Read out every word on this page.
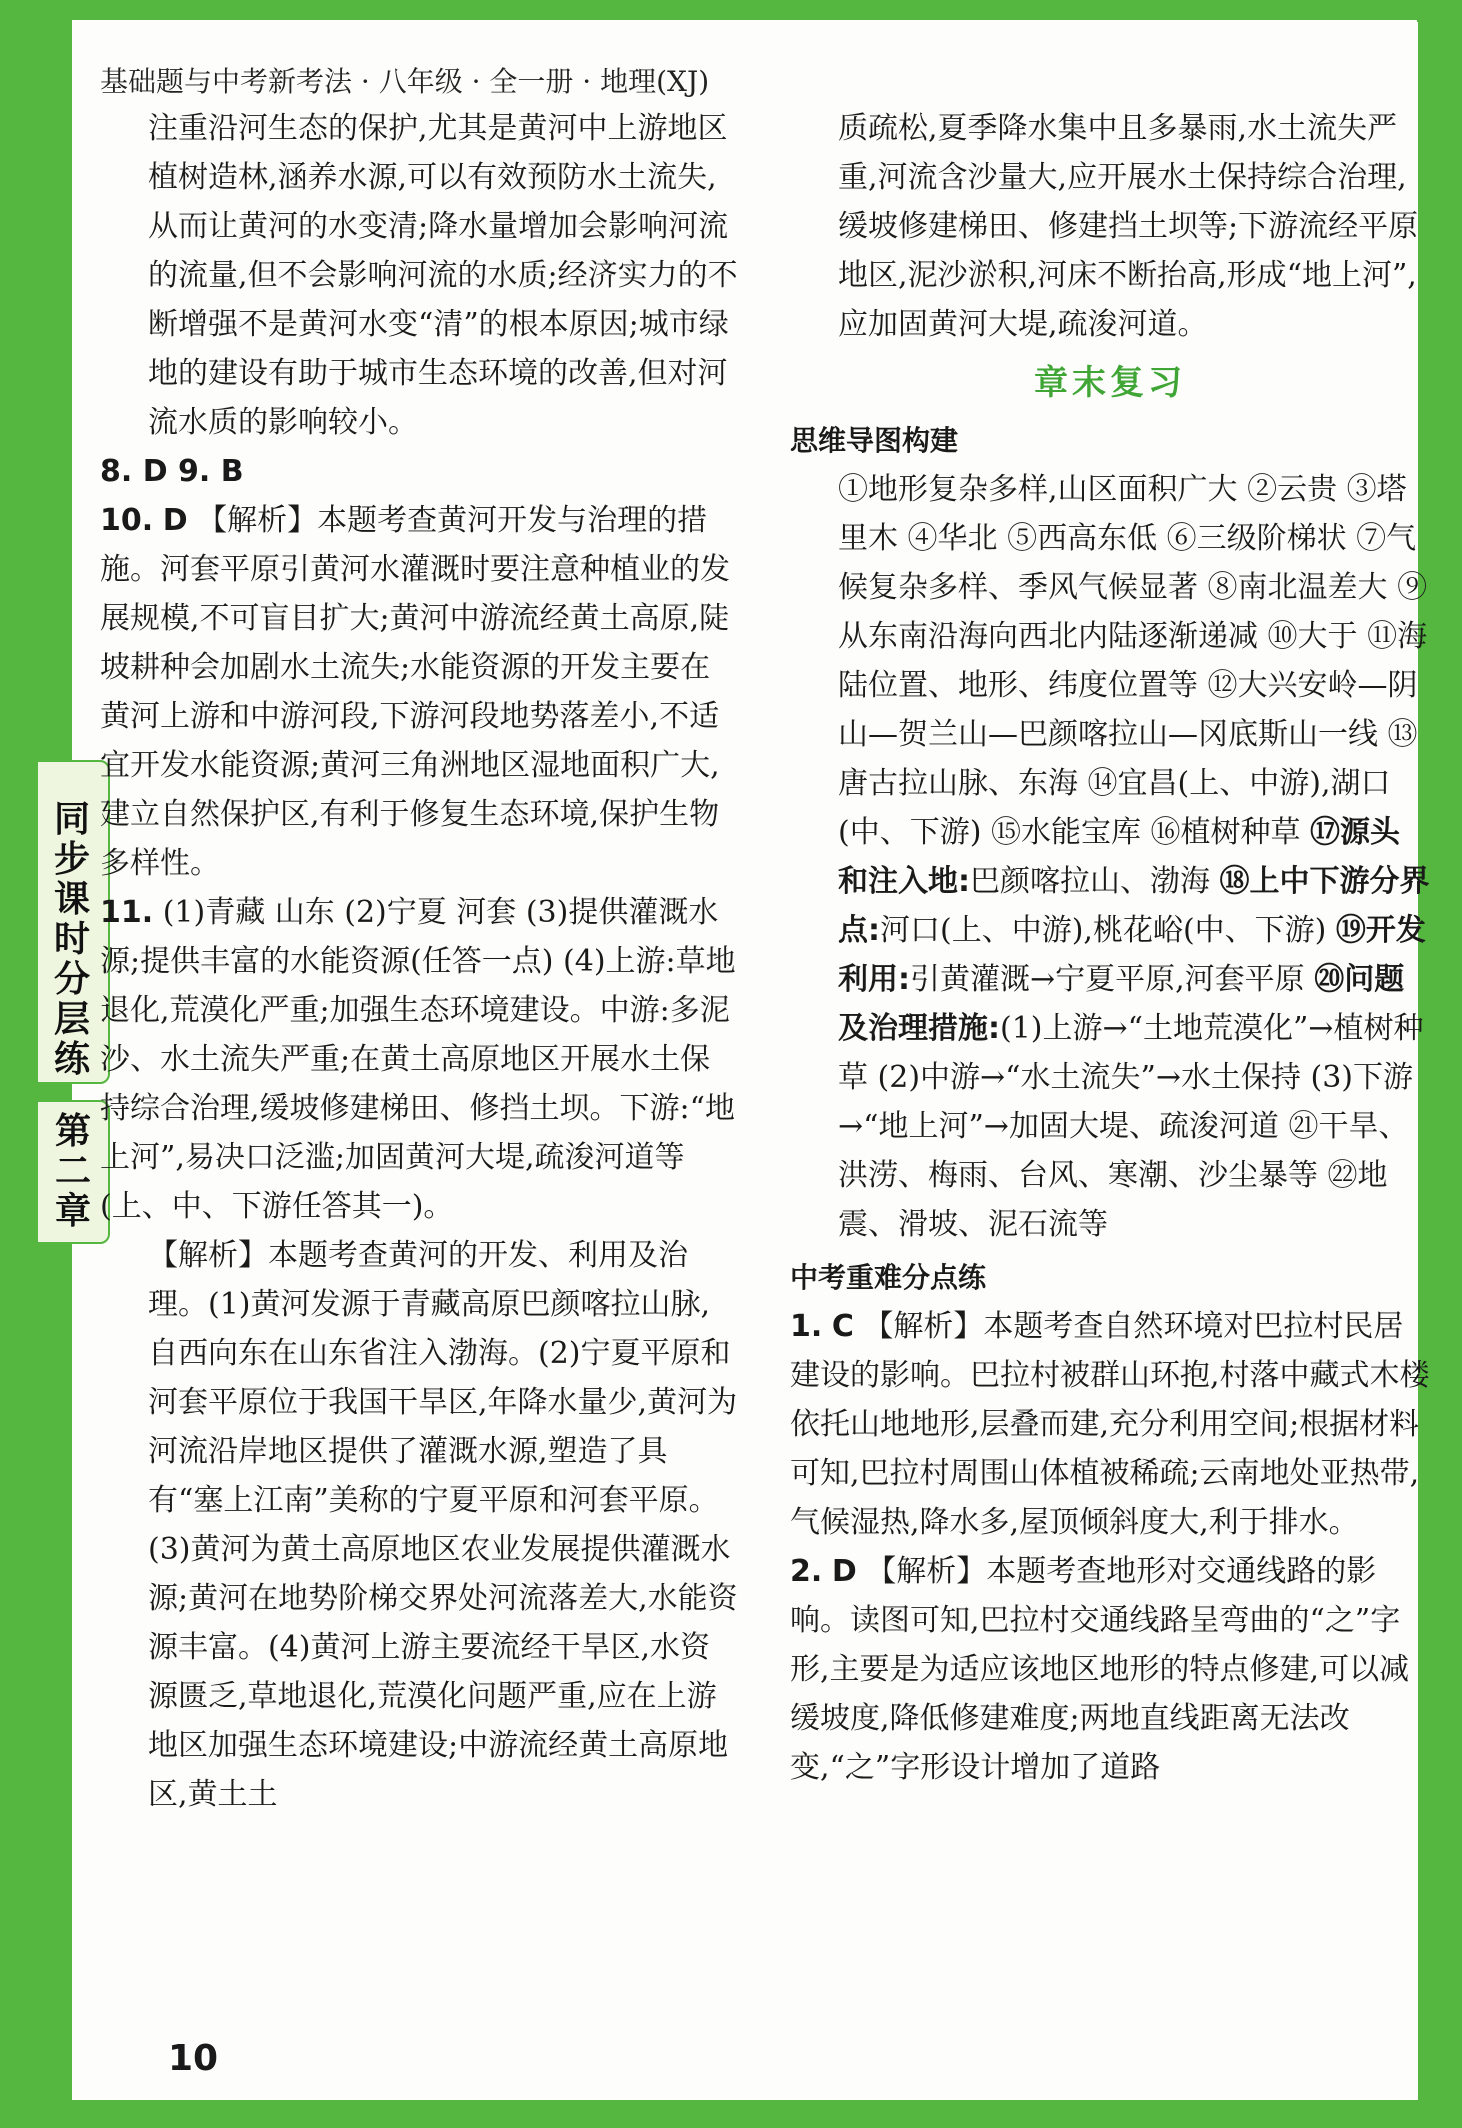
同步课时分层练
第二章
基础题与中考新考法 · 八年级 · 全一册 · 地理(XJ)

注重沿河生态的保护,尤其是黄河中上游地区植树造林,涵养水源,可以有效预防水土流失,从而让黄河的水变清;降水量增加会影响河流的流量,但不会影响河流的水质;经济实力的不断增强不是黄河水变“清”的根本原因;城市绿地的建设有助于城市生态环境的改善,但对河流水质的影响较小。

8. D 9. B

10. D 【解析】本题考查黄河开发与治理的措施。河套平原引黄河水灌溉时要注意种植业的发展规模,不可盲目扩大;黄河中游流经黄土高原,陡坡耕种会加剧水土流失;水能资源的开发主要在黄河上游和中游河段,下游河段地势落差小,不适宜开发水能资源;黄河三角洲地区湿地面积广大,建立自然保护区,有利于修复生态环境,保护生物多样性。

11. (1)青藏 山东 (2)宁夏 河套 (3)提供灌溉水源;提供丰富的水能资源(任答一点) (4)上游:草地退化,荒漠化严重;加强生态环境建设。中游:多泥沙、水土流失严重;在黄土高原地区开展水土保持综合治理,缓坡修建梯田、修挡土坝。下游:“地上河”,易决口泛滥;加固黄河大堤,疏浚河道等(上、中、下游任答其一)。

【解析】本题考查黄河的开发、利用及治理。(1)黄河发源于青藏高原巴颜喀拉山脉,自西向东在山东省注入渤海。(2)宁夏平原和河套平原位于我国干旱区,年降水量少,黄河为河流沿岸地区提供了灌溉水源,塑造了具有“塞上江南”美称的宁夏平原和河套平原。(3)黄河为黄土高原地区农业发展提供灌溉水源;黄河在地势阶梯交界处河流落差大,水能资源丰富。(4)黄河上游主要流经干旱区,水资源匮乏,草地退化,荒漠化问题严重,应在上游地区加强生态环境建设;中游流经黄土高原地区,黄土土

质疏松,夏季降水集中且多暴雨,水土流失严重,河流含沙量大,应开展水土保持综合治理,缓坡修建梯田、修建挡土坝等;下游流经平原地区,泥沙淤积,河床不断抬高,形成“地上河”,应加固黄河大堤,疏浚河道。

章末复习
思维导图构建

①地形复杂多样,山区面积广大 ②云贵 ③塔里木 ④华北 ⑤西高东低 ⑥三级阶梯状 ⑦气候复杂多样、季风气候显著 ⑧南北温差大 ⑨从东南沿海向西北内陆逐渐递减 ⑩大于 ⑪海陆位置、地形、纬度位置等 ⑫大兴安岭—阴山—贺兰山—巴颜喀拉山—冈底斯山一线 ⑬唐古拉山脉、东海 ⑭宜昌(上、中游),湖口(中、下游) ⑮水能宝库 ⑯植树种草 ⑰源头和注入地:巴颜喀拉山、渤海 ⑱上中下游分界点:河口(上、中游),桃花峪(中、下游) ⑲开发利用:引黄灌溉→宁夏平原,河套平原 ⑳问题及治理措施:(1)上游→“土地荒漠化”→植树种草 (2)中游→“水土流失”→水土保持 (3)下游→“地上河”→加固大堤、疏浚河道 ㉑干旱、洪涝、梅雨、台风、寒潮、沙尘暴等 ㉒地震、滑坡、泥石流等

中考重难分点练

1. C 【解析】本题考查自然环境对巴拉村民居建设的影响。巴拉村被群山环抱,村落中藏式木楼依托山地地形,层叠而建,充分利用空间;根据材料可知,巴拉村周围山体植被稀疏;云南地处亚热带,气候湿热,降水多,屋顶倾斜度大,利于排水。

2. D 【解析】本题考查地形对交通线路的影响。读图可知,巴拉村交通线路呈弯曲的“之”字形,主要是为适应该地区地形的特点修建,可以减缓坡度,降低修建难度;两地直线距离无法改变,“之”字形设计增加了道路

10
